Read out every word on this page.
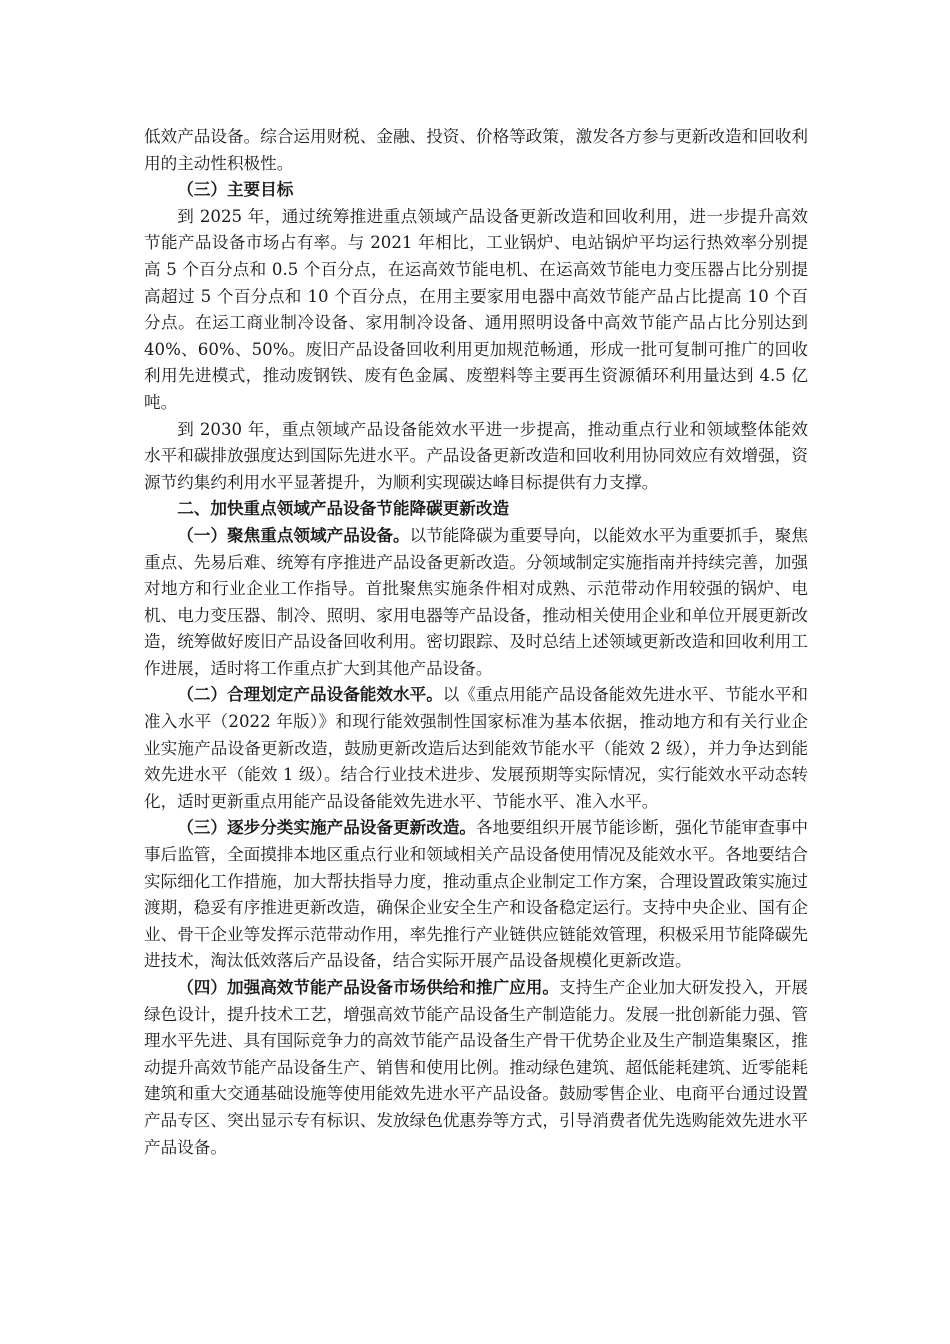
低效产品设备。综合运用财税、金融、投资、价格等政策，激发各方参与更新改造和回收利用的主动性积极性。

（三）主要目标

到 2025 年，通过统筹推进重点领域产品设备更新改造和回收利用，进一步提升高效节能产品设备市场占有率。与 2021 年相比，工业锅炉、电站锅炉平均运行热效率分别提高 5 个百分点和 0.5 个百分点，在运高效节能电机、在运高效节能电力变压器占比分别提高超过 5 个百分点和 10 个百分点，在用主要家用电器中高效节能产品占比提高 10 个百分点。在运工商业制冷设备、家用制冷设备、通用照明设备中高效节能产品占比分别达到 40%、60%、50%。废旧产品设备回收利用更加规范畅通，形成一批可复制可推广的回收利用先进模式，推动废钢铁、废有色金属、废塑料等主要再生资源循环利用量达到 4.5 亿吨。

到 2030 年，重点领域产品设备能效水平进一步提高，推动重点行业和领域整体能效水平和碳排放强度达到国际先进水平。产品设备更新改造和回收利用协同效应有效增强，资源节约集约利用水平显著提升，为顺利实现碳达峰目标提供有力支撑。

二、加快重点领域产品设备节能降碳更新改造

（一）聚焦重点领域产品设备。以节能降碳为重要导向，以能效水平为重要抓手，聚焦重点、先易后难、统筹有序推进产品设备更新改造。分领域制定实施指南并持续完善，加强对地方和行业企业工作指导。首批聚焦实施条件相对成熟、示范带动作用较强的锅炉、电机、电力变压器、制冷、照明、家用电器等产品设备，推动相关使用企业和单位开展更新改造，统筹做好废旧产品设备回收利用。密切跟踪、及时总结上述领域更新改造和回收利用工作进展，适时将工作重点扩大到其他产品设备。

（二）合理划定产品设备能效水平。以《重点用能产品设备能效先进水平、节能水平和准入水平（2022 年版）》和现行能效强制性国家标准为基本依据，推动地方和有关行业企业实施产品设备更新改造，鼓励更新改造后达到能效节能水平（能效 2 级），并力争达到能效先进水平（能效 1 级）。结合行业技术进步、发展预期等实际情况，实行能效水平动态转化，适时更新重点用能产品设备能效先进水平、节能水平、准入水平。

（三）逐步分类实施产品设备更新改造。各地要组织开展节能诊断，强化节能审查事中事后监管，全面摸排本地区重点行业和领域相关产品设备使用情况及能效水平。各地要结合实际细化工作措施，加大帮扶指导力度，推动重点企业制定工作方案，合理设置政策实施过渡期，稳妥有序推进更新改造，确保企业安全生产和设备稳定运行。支持中央企业、国有企业、骨干企业等发挥示范带动作用，率先推行产业链供应链能效管理，积极采用节能降碳先进技术，淘汰低效落后产品设备，结合实际开展产品设备规模化更新改造。

（四）加强高效节能产品设备市场供给和推广应用。支持生产企业加大研发投入，开展绿色设计，提升技术工艺，增强高效节能产品设备生产制造能力。发展一批创新能力强、管理水平先进、具有国际竞争力的高效节能产品设备生产骨干优势企业及生产制造集聚区，推动提升高效节能产品设备生产、销售和使用比例。推动绿色建筑、超低能耗建筑、近零能耗建筑和重大交通基础设施等使用能效先进水平产品设备。鼓励零售企业、电商平台通过设置产品专区、突出显示专有标识、发放绿色优惠券等方式，引导消费者优先选购能效先进水平产品设备。
